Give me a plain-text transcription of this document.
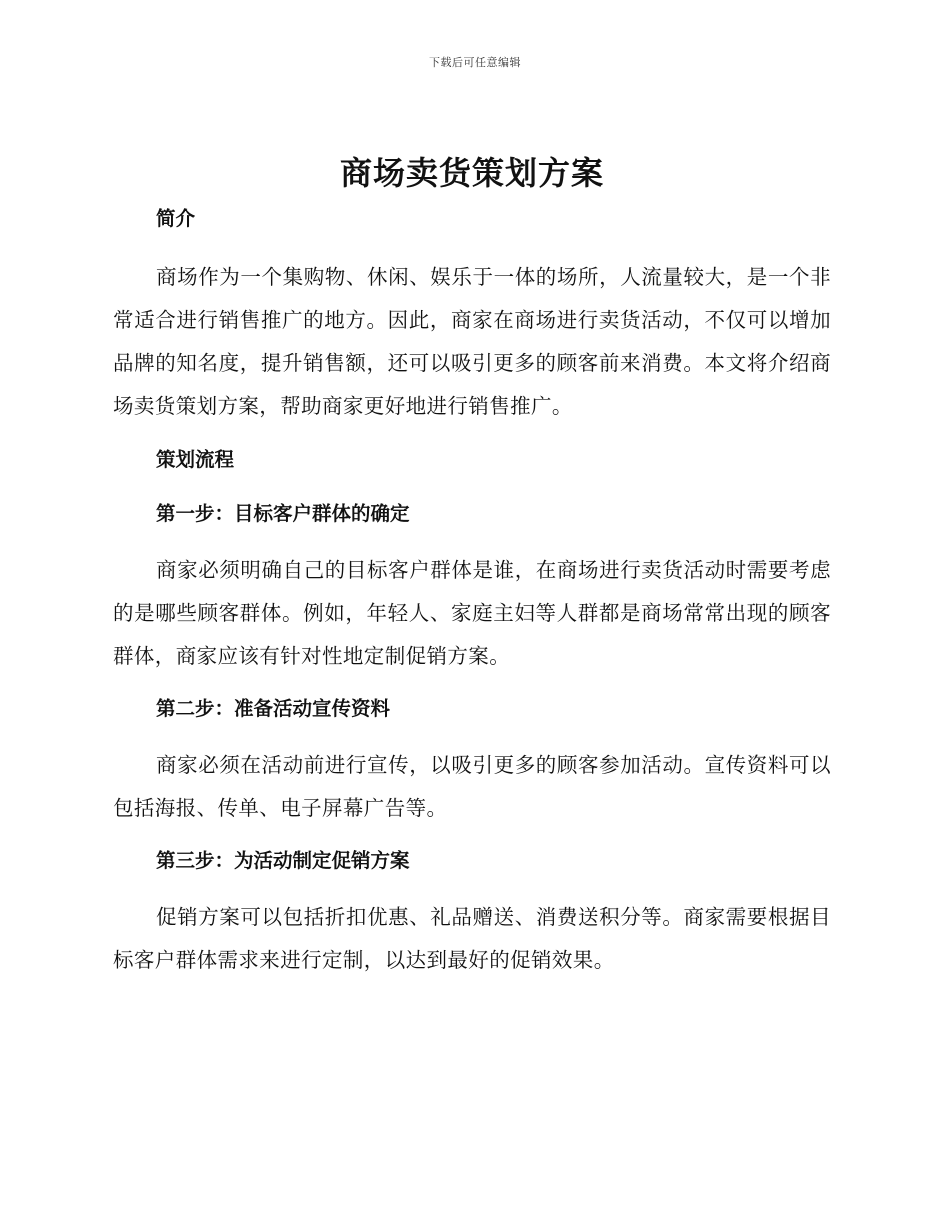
下载后可任意编辑
商场卖货策划方案
简介

商场作为一个集购物、休闲、娱乐于一体的场所，人流量较大，是一个非常适合进行销售推广的地方。因此，商家在商场进行卖货活动，不仅可以增加品牌的知名度，提升销售额，还可以吸引更多的顾客前来消费。本文将介绍商场卖货策划方案，帮助商家更好地进行销售推广。

策划流程
第一步：目标客户群体的确定

商家必须明确自己的目标客户群体是谁，在商场进行卖货活动时需要考虑的是哪些顾客群体。例如，年轻人、家庭主妇等人群都是商场常常出现的顾客群体，商家应该有针对性地定制促销方案。

第二步：准备活动宣传资料

商家必须在活动前进行宣传，以吸引更多的顾客参加活动。宣传资料可以包括海报、传单、电子屏幕广告等。

第三步：为活动制定促销方案

促销方案可以包括折扣优惠、礼品赠送、消费送积分等。商家需要根据目标客户群体需求来进行定制，以达到最好的促销效果。
